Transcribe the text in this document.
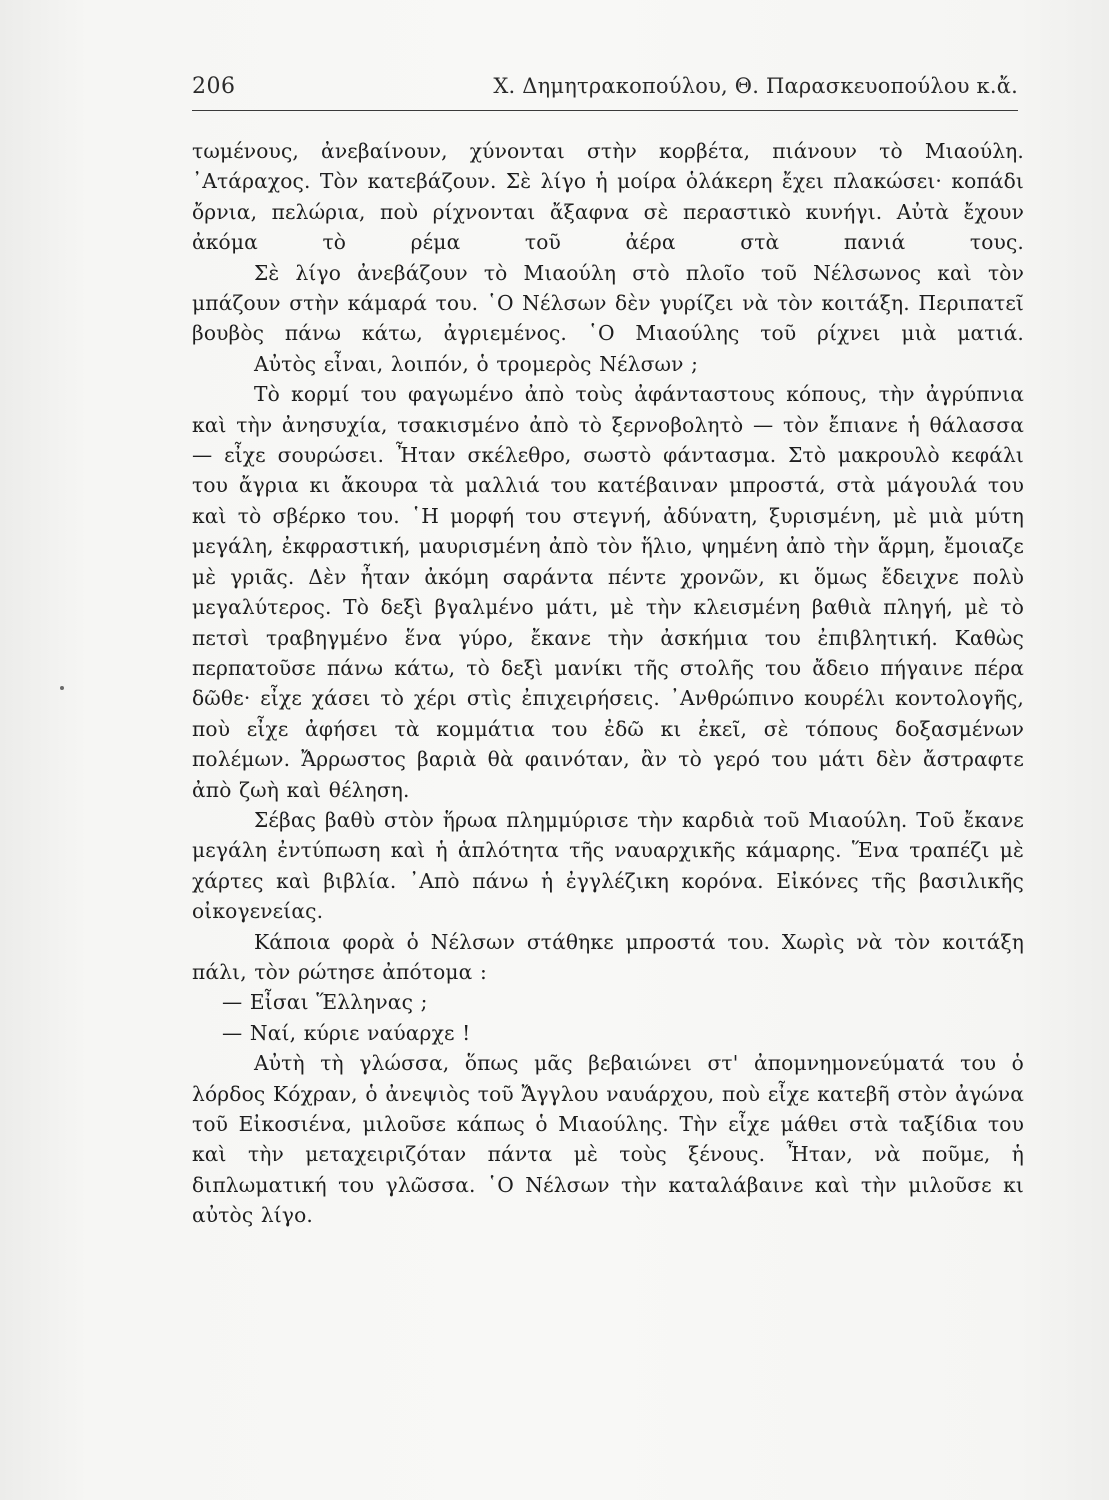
206	Χ. Δημητρακοπούλου, Θ. Παρασκευοπούλου κ.ἄ.

τωμένους, ἀνεβαίνουν, χύνονται στὴν κορβέτα, πιάνουν τὸ Μιαούλη. ᾿Ατάραχος. Τὸν κατεβάζουν. Σὲ λίγο ἡ μοίρα ὁλάκερη ἔχει πλακώσει· κοπάδι ὄρνια, πελώρια, ποὺ ρίχνονται ἄξαφνα σὲ περαστικὸ κυνήγι. Αὐτὰ ἔχουν ἀκόμα τὸ ρέμα τοῦ ἀέρα στὰ πανιά τους.

Σὲ λίγο ἀνεβάζουν τὸ Μιαούλη στὸ πλοῖο τοῦ Νέλσωνος καὶ τὸν μπάζουν στὴν κάμαρά του. ῾Ο Νέλσων δὲν γυρίζει νὰ τὸν κοιτάξη. Περιπατεῖ βουβὸς πάνω κάτω, ἀγριεμένος. ῾Ο Μιαούλης τοῦ ρίχνει μιὰ ματιά.

Αὐτὸς εἶναι, λοιπόν, ὁ τρομερὸς Νέλσων ;

Τὸ κορμί του φαγωμένο ἀπὸ τοὺς ἀφάνταστους κόπους, τὴν ἀγρύπνια καὶ τὴν ἀνησυχία, τσακισμένο ἀπὸ τὸ ξερνοβολητὸ — τὸν ἔπιανε ἡ θάλασσα — εἶχε σουρώσει. Ἦταν σκέλεθρο, σωστὸ φάντασμα. Στὸ μακρουλὸ κεφάλι του ἄγρια κι ἄκουρα τὰ μαλλιά του κατέβαιναν μπροστά, στὰ μάγουλά του καὶ τὸ σβέρκο του. ῾Η μορφή του στεγνή, ἀδύνατη, ξυρισμένη, μὲ μιὰ μύτη μεγάλη, ἐκφραστική, μαυρισμένη ἀπὸ τὸν ἥλιο, ψημένη ἀπὸ τὴν ἅρμη, ἔμοιαζε μὲ γριᾶς. Δὲν ἦταν ἀκόμη σαράντα πέντε χρονῶν, κι ὅμως ἔδειχνε πολὺ μεγαλύτερος. Τὸ δεξὶ βγαλμένο μάτι, μὲ τὴν κλεισμένη βαθιὰ πληγή, μὲ τὸ πετσὶ τραβηγμένο ἕνα γύρο, ἔκανε τὴν ἀσκήμια του ἐπιβλητική. Καθὼς περπατοῦσε πάνω κάτω, τὸ δεξὶ μανίκι τῆς στολῆς του ἄδειο πήγαινε πέρα δῶθε· εἶχε χάσει τὸ χέρι στὶς ἐπιχειρήσεις. ᾿Ανθρώπινο κουρέλι κοντολογῆς, ποὺ εἶχε ἀφήσει τὰ κομμάτια του ἐδῶ κι ἐκεῖ, σὲ τόπους δοξασμένων πολέμων. Ἄρρωστος βαριὰ θὰ φαινόταν, ἂν τὸ γερό του μάτι δὲν ἄστραφτε ἀπὸ ζωὴ καὶ θέληση.

Σέβας βαθὺ στὸν ἥρωα πλημμύρισε τὴν καρδιὰ τοῦ Μιαούλη. Τοῦ ἔκανε μεγάλη ἐντύπωση καὶ ἡ ἁπλότητα τῆς ναυαρχικῆς κάμαρης. Ἕνα τραπέζι μὲ χάρτες καὶ βιβλία. ᾿Απὸ πάνω ἡ ἐγγλέζικη κορόνα. Εἰκόνες τῆς βασιλικῆς οἰκογενείας.

Κάποια φορὰ ὁ Νέλσων στάθηκε μπροστά του. Χωρὶς νὰ τὸν κοιτάξη πάλι, τὸν ρώτησε ἀπότομα :

— Εἶσαι Ἕλληνας ;

— Ναί, κύριε ναύαρχε !

Αὐτὴ τὴ γλώσσα, ὅπως μᾶς βεβαιώνει στ' ἀπομνημονεύματά του ὁ λόρδος Κόχραν, ὁ ἀνεψιὸς τοῦ Ἄγγλου ναυάρχου, ποὺ εἶχε κατεβῆ στὸν ἀγώνα τοῦ Εἰκοσιένα, μιλοῦσε κάπως ὁ Μιαούλης. Τὴν εἶχε μάθει στὰ ταξίδια του καὶ τὴν μεταχειριζόταν πάντα μὲ τοὺς ξένους. Ἦταν, νὰ ποῦμε, ἡ διπλωματική του γλῶσσα. ῾Ο Νέλσων τὴν καταλάβαινε καὶ τὴν μιλοῦσε κι αὐτὸς λίγο.
